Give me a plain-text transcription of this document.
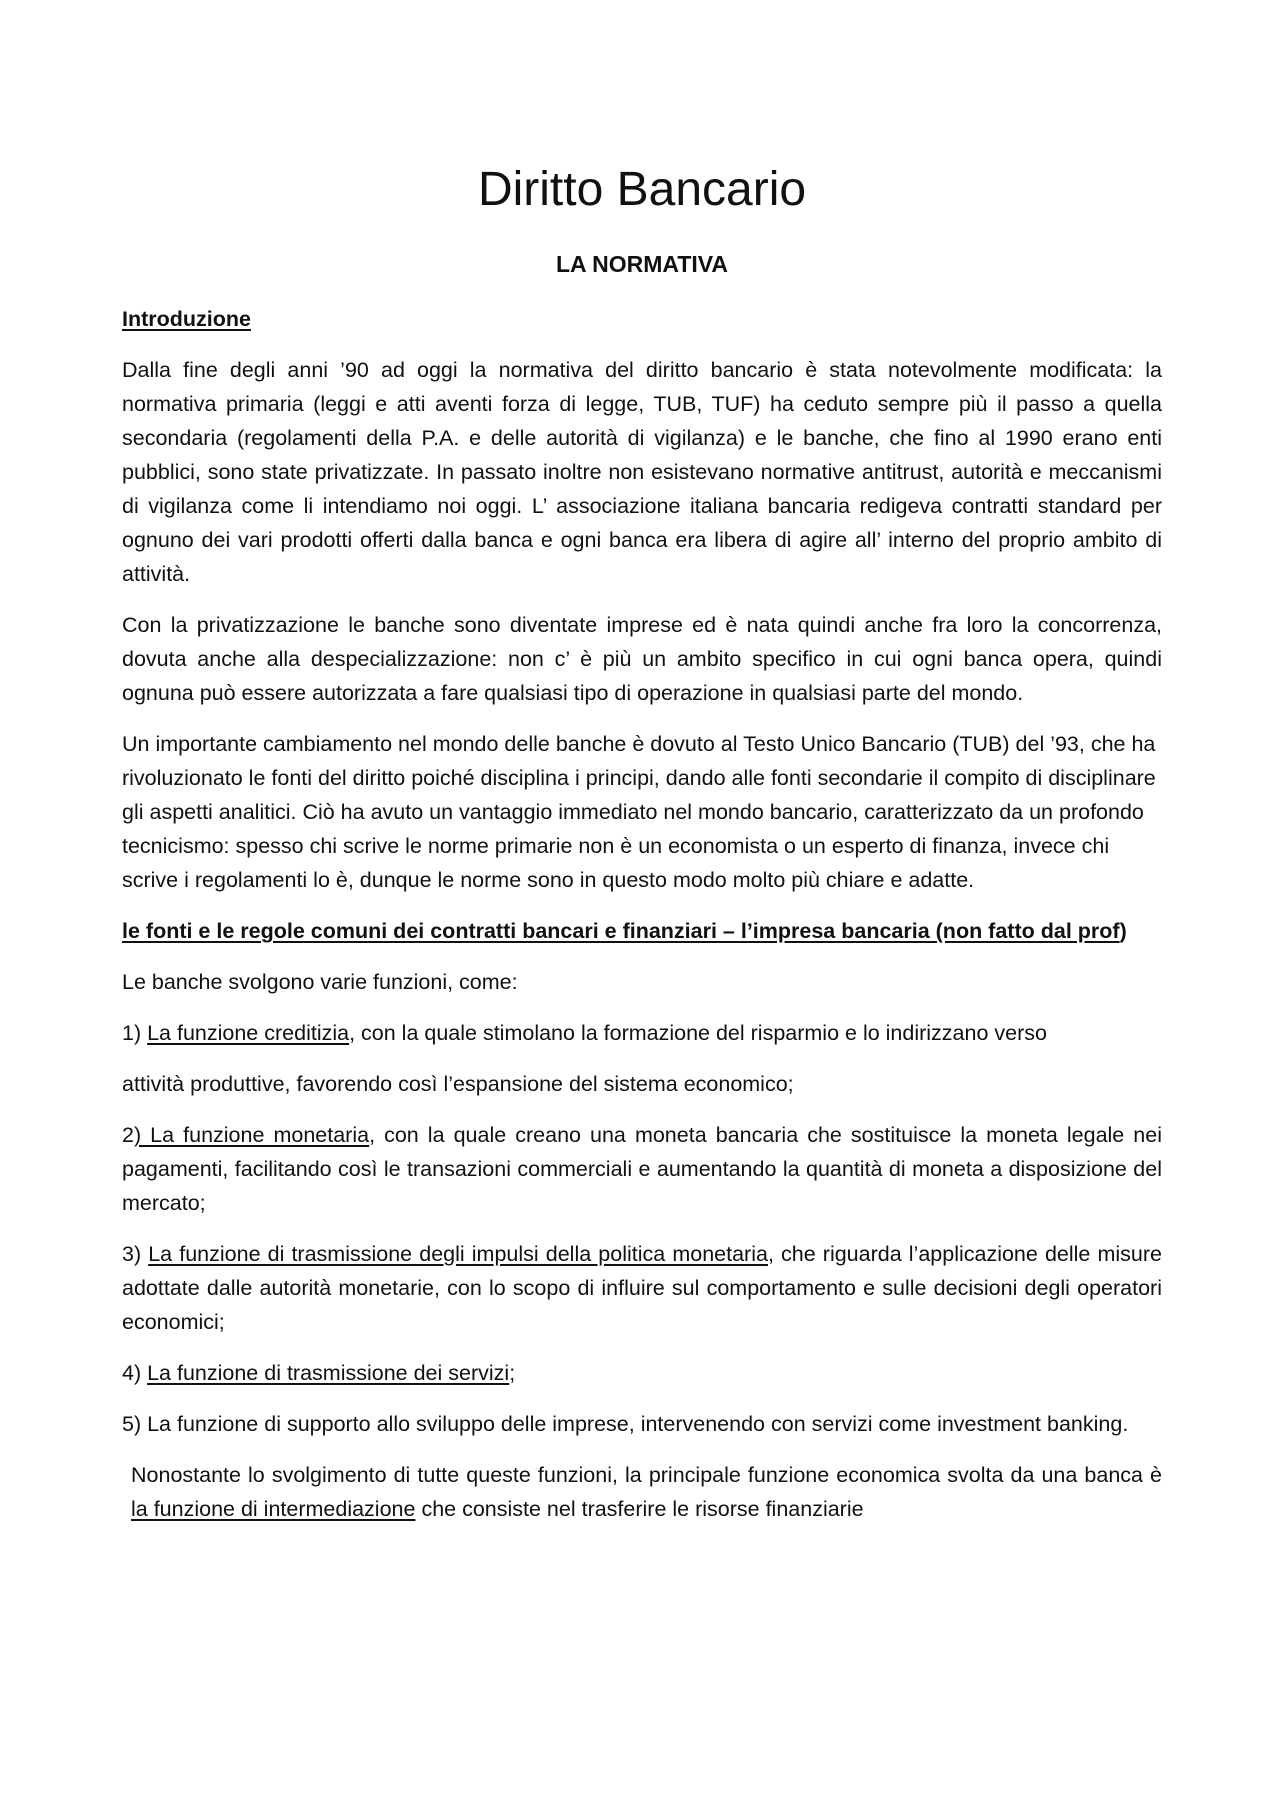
Diritto Bancario
LA NORMATIVA

Introduzione

Dalla fine degli anni ’90 ad oggi la normativa del diritto bancario è stata notevolmente modificata: la normativa primaria (leggi e atti aventi forza di legge, TUB, TUF) ha ceduto sempre più il passo a quella secondaria (regolamenti della P.A. e delle autorità di vigilanza) e le banche, che fino al 1990 erano enti pubblici, sono state privatizzate. In passato inoltre non esistevano normative antitrust, autorità e meccanismi di vigilanza come li intendiamo noi oggi. L’ associazione italiana bancaria redigeva contratti standard per ognuno dei vari prodotti offerti dalla banca e ogni banca era libera di agire all’ interno del proprio ambito di attività.

Con la privatizzazione le banche sono diventate imprese ed è nata quindi anche fra loro la concorrenza, dovuta anche alla despecializzazione: non c’ è più un ambito specifico in cui ogni banca opera, quindi ognuna può essere autorizzata a fare qualsiasi tipo di operazione in qualsiasi parte del mondo.

Un importante cambiamento nel mondo delle banche è dovuto al Testo Unico Bancario (TUB) del ’93, che ha rivoluzionato le fonti del diritto poiché disciplina i principi, dando alle fonti secondarie il compito di disciplinare gli aspetti analitici. Ciò ha avuto un vantaggio immediato nel mondo bancario, caratterizzato da un profondo tecnicismo: spesso chi scrive le norme primarie non è un economista o un esperto di finanza, invece chi scrive i regolamenti lo è, dunque le norme sono in questo modo molto più chiare e adatte.

le fonti e le regole comuni dei contratti bancari e finanziari – l’impresa bancaria (non fatto dal prof)

Le banche svolgono varie funzioni, come:

1) La funzione creditizia, con la quale stimolano la formazione del risparmio e lo indirizzano verso

attività produttive, favorendo così l’espansione del sistema economico;

2) La funzione monetaria, con la quale creano una moneta bancaria che sostituisce la moneta legale nei pagamenti, facilitando così le transazioni commerciali e aumentando la quantità di moneta a disposizione del mercato;

3) La funzione di trasmissione degli impulsi della politica monetaria, che riguarda l’applicazione delle misure adottate dalle autorità monetarie, con lo scopo di influire sul comportamento e sulle decisioni degli operatori economici;

4) La funzione di trasmissione dei servizi;

5) La funzione di supporto allo sviluppo delle imprese, intervenendo con servizi come investment banking.

Nonostante lo svolgimento di tutte queste funzioni, la principale funzione economica svolta da una banca è la funzione di intermediazione che consiste nel trasferire le risorse finanziarie
